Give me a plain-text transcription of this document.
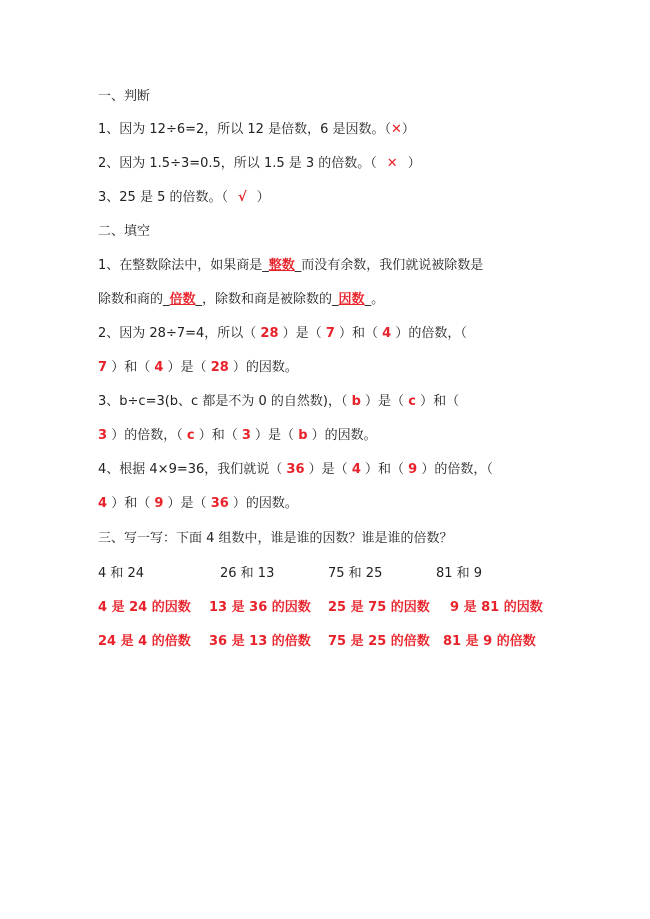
一、判断
1、因为 12÷6=2，所以 12 是倍数，6 是因数。（✕）
2、因为 1.5÷3=0.5，所以 1.5 是 3 的倍数。（ ✕ ）
3、25 是 5 的倍数。（ √ ）
二、填空
1、在整数除法中，如果商是_整数_而没有余数，我们就说被除数是
除数和商的_倍数_，除数和商是被除数的_因数_。
2、因为 28÷7=4，所以（ 28 ）是（ 7 ）和（ 4 ）的倍数，（
7 ）和（ 4 ）是（ 28 ）的因数。
3、b÷c=3(b、c 都是不为 0 的自然数)，（ b ）是（ c ）和（
3 ）的倍数，（ c ）和（ 3 ）是（ b ）的因数。
4、根据 4×9=36，我们就说（ 36 ）是（ 4 ）和（ 9 ）的倍数，（
4 ）和（ 9 ）是（ 36 ）的因数。
三、写一写：下面 4 组数中，谁是谁的因数？谁是谁的倍数？
4 和 24	26 和 13	75 和 25	81 和 9
4 是 24 的因数 13 是 36 的因数 25 是 75 的因数 9 是 81 的因数
24 是 4 的倍数 36 是 13 的倍数 75 是 25 的倍数 81 是 9 的倍数
